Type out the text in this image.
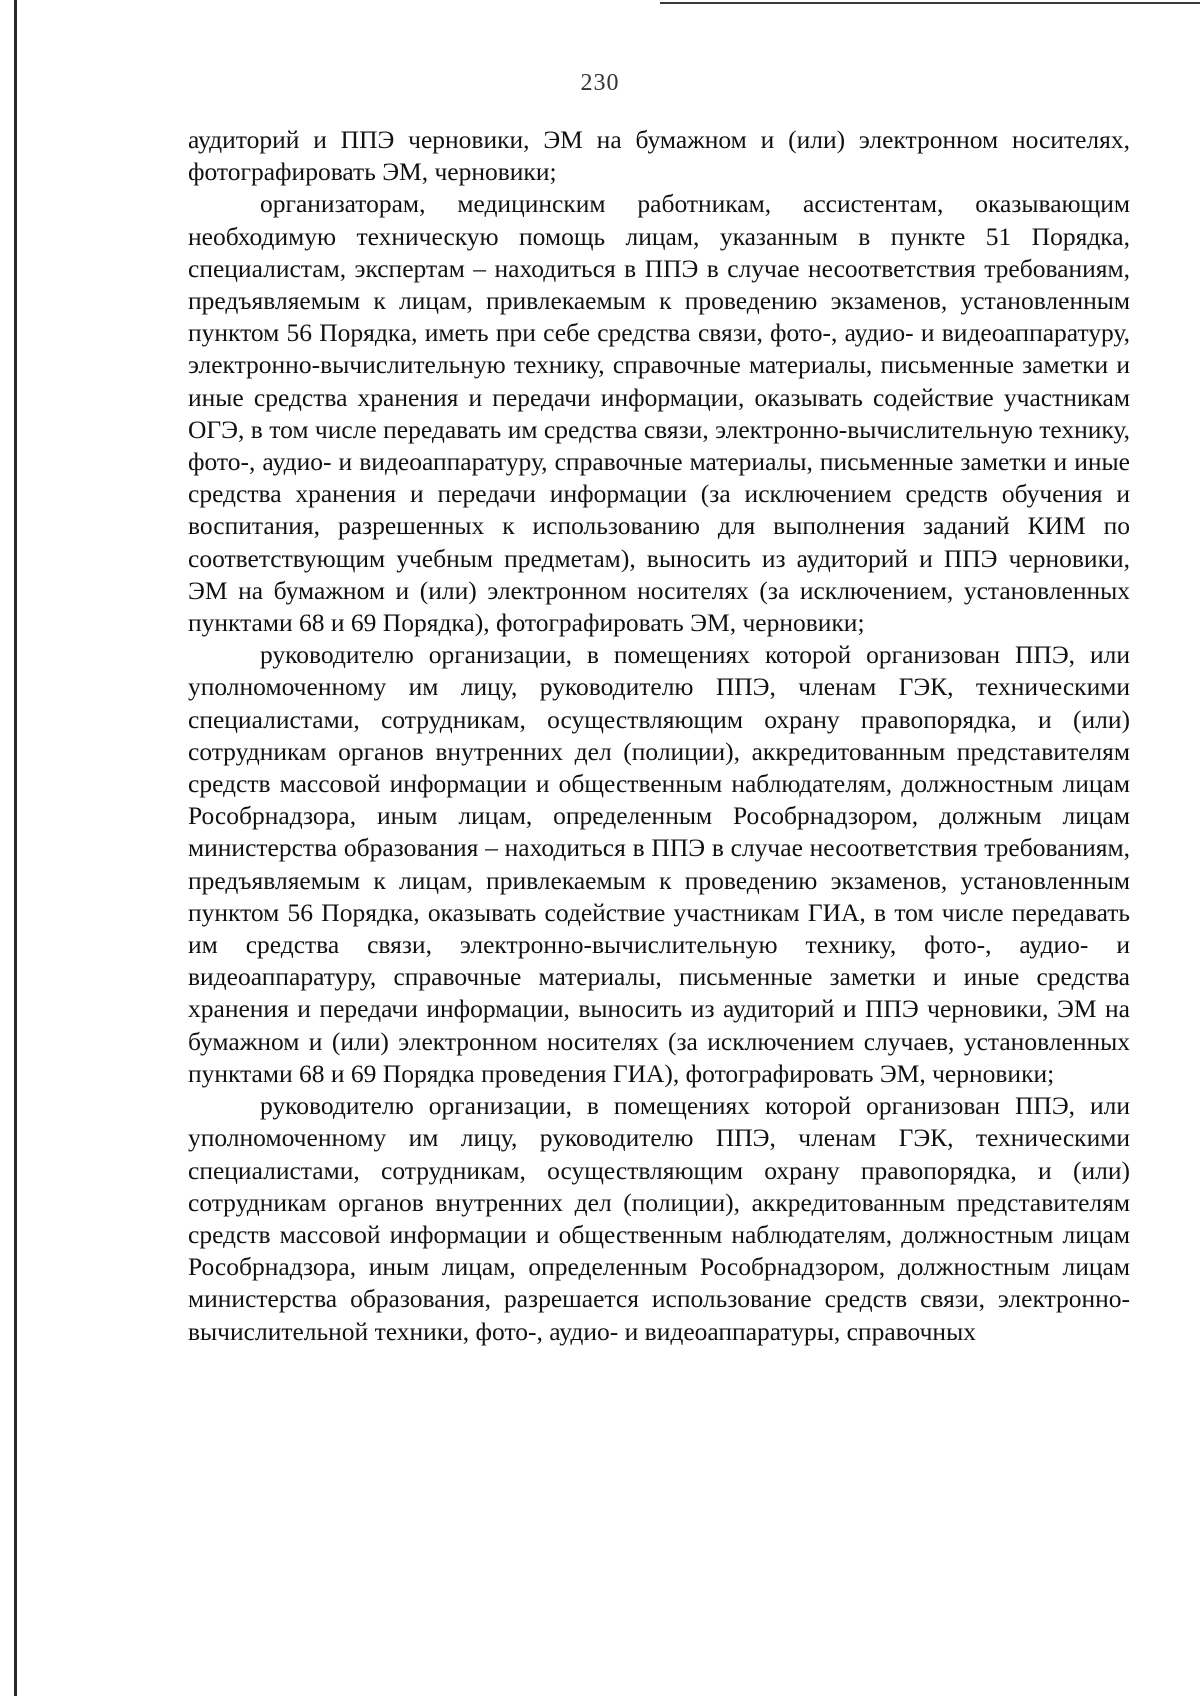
230

аудиторий и ППЭ черновики, ЭМ на бумажном и (или) электронном носителях, фотографировать ЭМ, черновики;

организаторам, медицинским работникам, ассистентам, оказывающим необходимую техническую помощь лицам, указанным в пункте 51 Порядка, специалистам, экспертам – находиться в ППЭ в случае несоответствия требованиям, предъявляемым к лицам, привлекаемым к проведению экзаменов, установленным пунктом 56 Порядка, иметь при себе средства связи, фото-, аудио- и видеоаппаратуру, электронно-вычислительную технику, справочные материалы, письменные заметки и иные средства хранения и передачи информации, оказывать содействие участникам ОГЭ, в том числе передавать им средства связи, электронно-вычислительную технику, фото-, аудио- и видеоаппаратуру, справочные материалы, письменные заметки и иные средства хранения и передачи информации (за исключением средств обучения и воспитания, разрешенных к использованию для выполнения заданий КИМ по соответствующим учебным предметам), выносить из аудиторий и ППЭ черновики, ЭМ на бумажном и (или) электронном носителях (за исключением, установленных пунктами 68 и 69 Порядка), фотографировать ЭМ, черновики;

руководителю организации, в помещениях которой организован ППЭ, или уполномоченному им лицу, руководителю ППЭ, членам ГЭК, техническими специалистами, сотрудникам, осуществляющим охрану правопорядка, и (или) сотрудникам органов внутренних дел (полиции), аккредитованным представителям средств массовой информации и общественным наблюдателям, должностным лицам Рособрнадзора, иным лицам, определенным Рособрнадзором, должным лицам министерства образования – находиться в ППЭ в случае несоответствия требованиям, предъявляемым к лицам, привлекаемым к проведению экзаменов, установленным пунктом 56 Порядка, оказывать содействие участникам ГИА, в том числе передавать им средства связи, электронно-вычислительную технику, фото-, аудио- и видеоаппаратуру, справочные материалы, письменные заметки и иные средства хранения и передачи информации, выносить из аудиторий и ППЭ черновики, ЭМ на бумажном и (или) электронном носителях (за исключением случаев, установленных пунктами 68 и 69 Порядка проведения ГИА), фотографировать ЭМ, черновики;

руководителю организации, в помещениях которой организован ППЭ, или уполномоченному им лицу, руководителю ППЭ, членам ГЭК, техническими специалистами, сотрудникам, осуществляющим охрану правопорядка, и (или) сотрудникам органов внутренних дел (полиции), аккредитованным представителям средств массовой информации и общественным наблюдателям, должностным лицам Рособрнадзора, иным лицам, определенным Рособрнадзором, должностным лицам министерства образования, разрешается использование средств связи, электронно-вычислительной техники, фото-, аудио- и видеоаппаратуры, справочных
